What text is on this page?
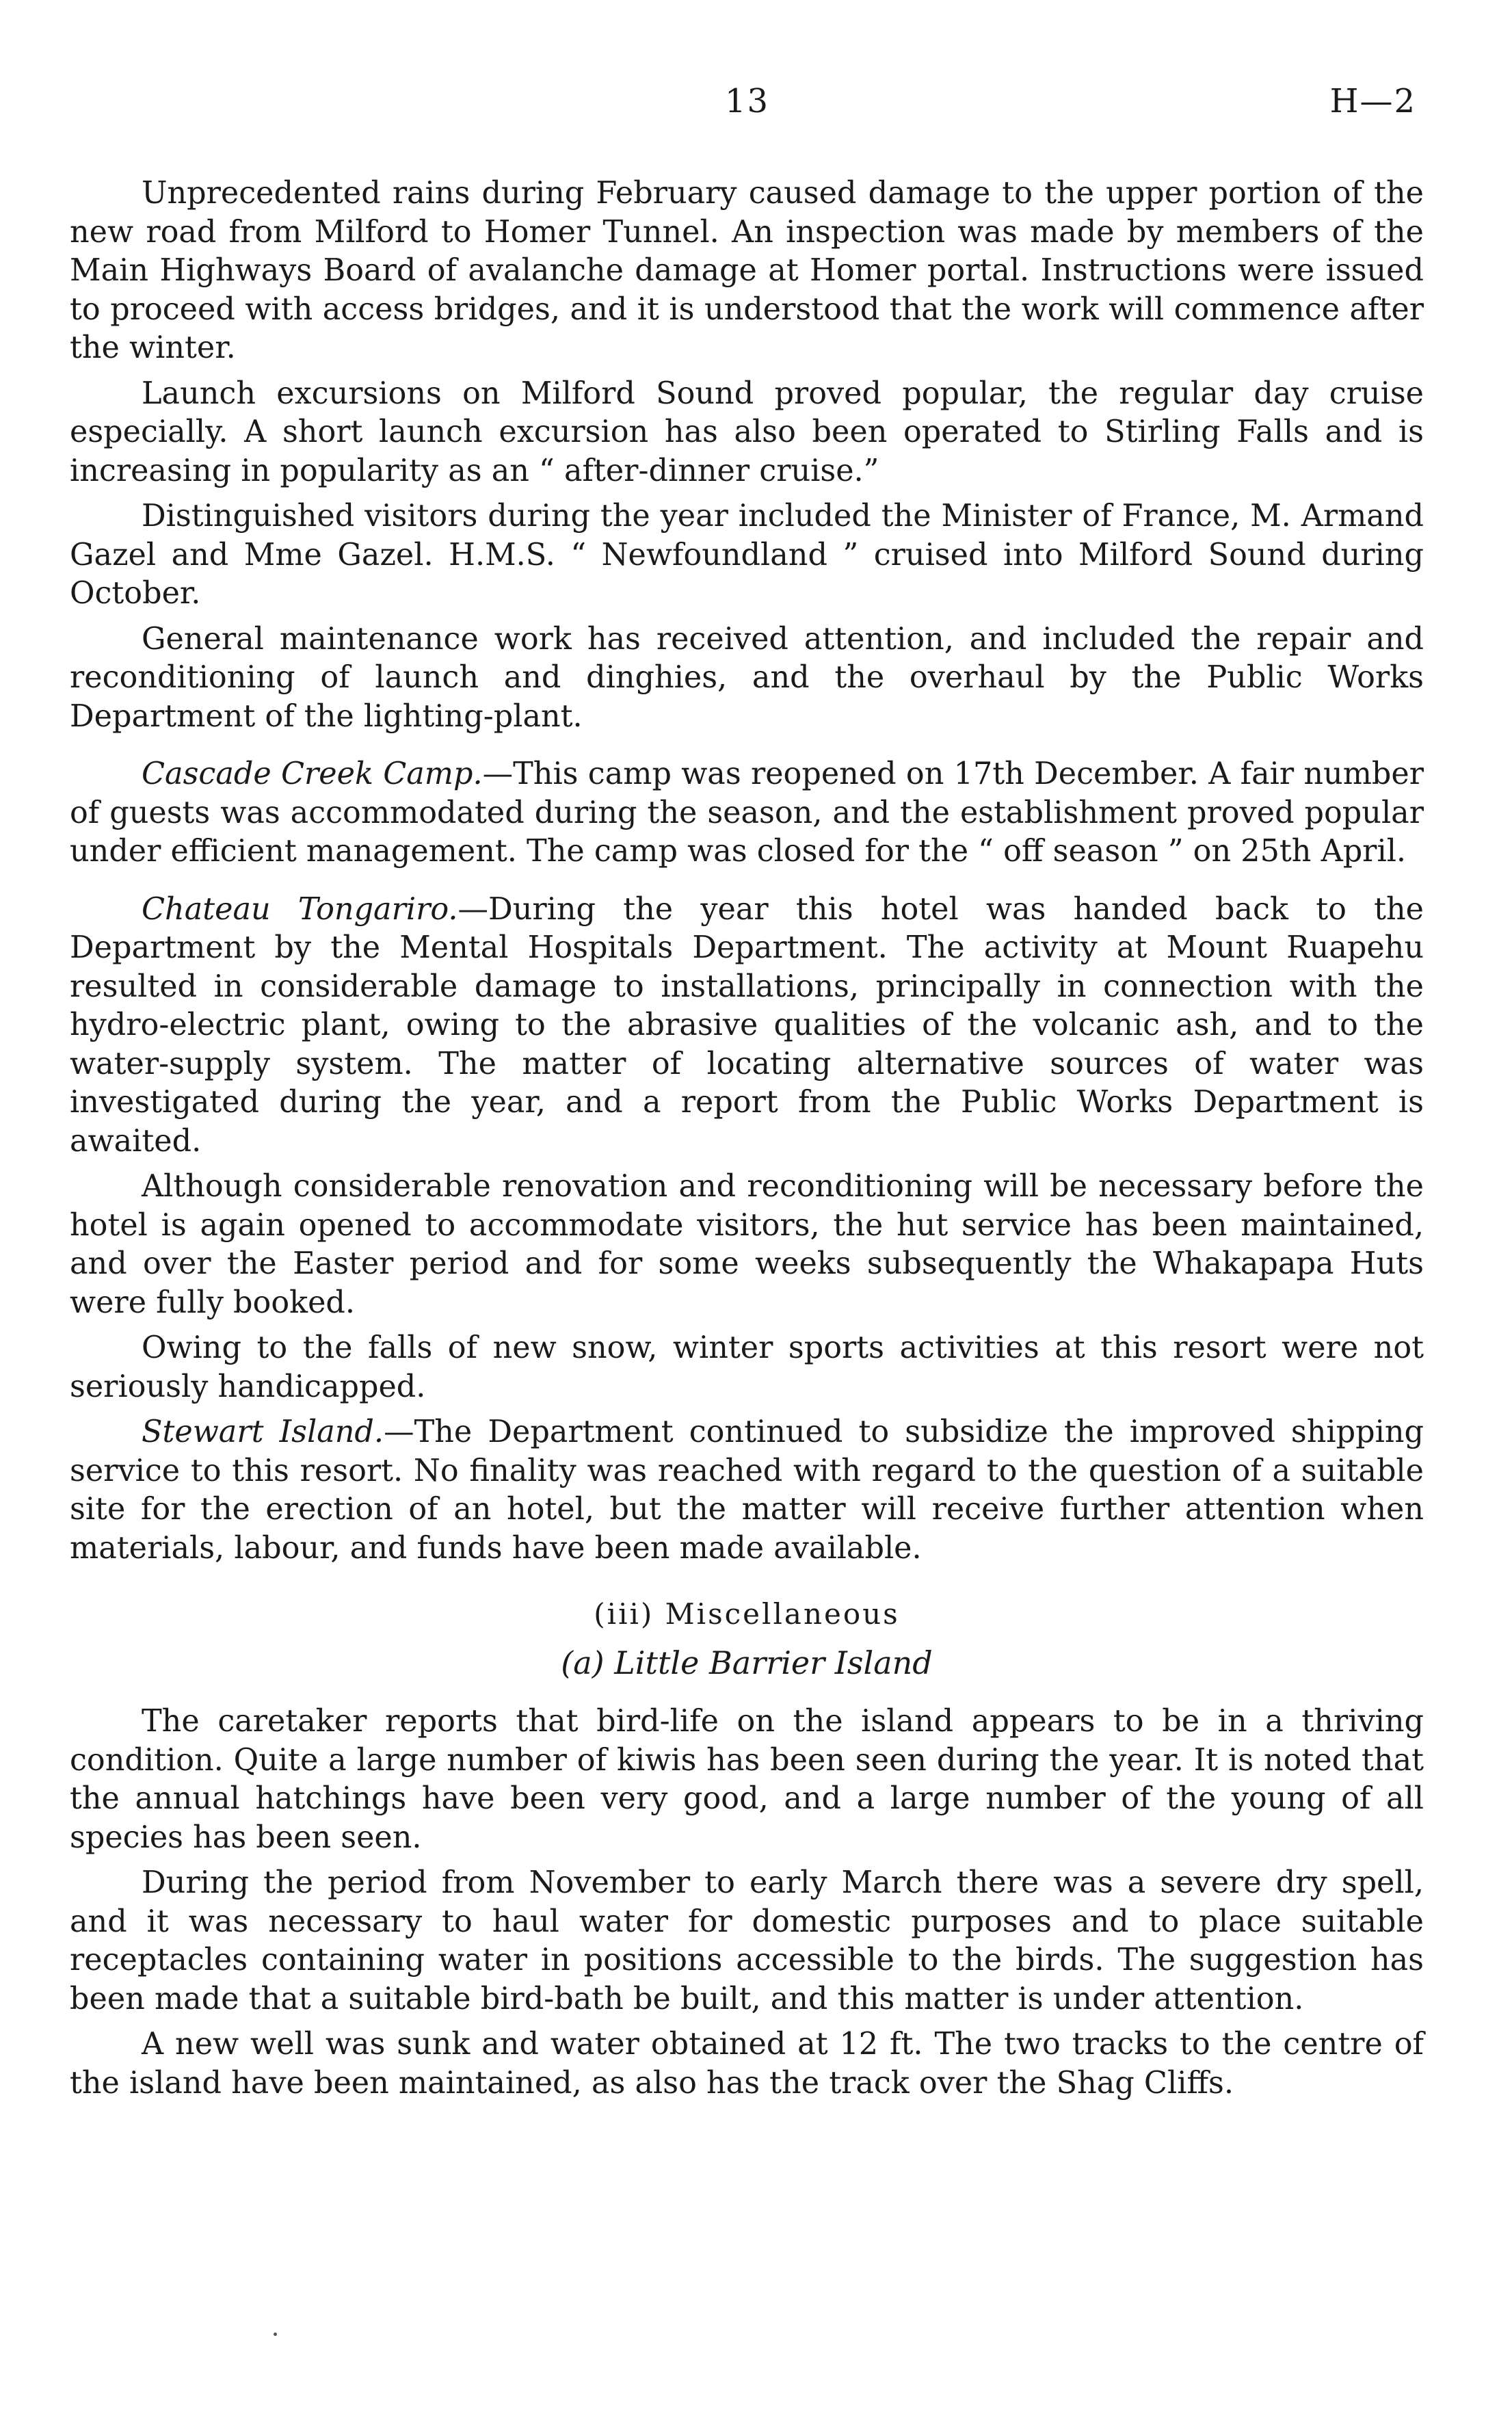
13	H—2

Unprecedented rains during February caused damage to the upper portion of the new road from Milford to Homer Tunnel. An inspection was made by members of the Main Highways Board of avalanche damage at Homer portal. Instructions were issued to proceed with access bridges, and it is understood that the work will commence after the winter.

Launch excursions on Milford Sound proved popular, the regular day cruise especially. A short launch excursion has also been operated to Stirling Falls and is increasing in popularity as an “ after-dinner cruise.”

Distinguished visitors during the year included the Minister of France, M. Armand Gazel and Mme Gazel. H.M.S. “ Newfoundland ” cruised into Milford Sound during October.

General maintenance work has received attention, and included the repair and reconditioning of launch and dinghies, and the overhaul by the Public Works Department of the lighting-plant.

Cascade Creek Camp.—This camp was reopened on 17th December. A fair number of guests was accommodated during the season, and the establishment proved popular under efficient management. The camp was closed for the “ off season ” on 25th April.

Chateau Tongariro.—During the year this hotel was handed back to the Department by the Mental Hospitals Department. The activity at Mount Ruapehu resulted in considerable damage to installations, principally in connection with the hydro-electric plant, owing to the abrasive qualities of the volcanic ash, and to the water-supply system. The matter of locating alternative sources of water was investigated during the year, and a report from the Public Works Department is awaited.

Although considerable renovation and reconditioning will be necessary before the hotel is again opened to accommodate visitors, the hut service has been maintained, and over the Easter period and for some weeks subsequently the Whakapapa Huts were fully booked.

Owing to the falls of new snow, winter sports activities at this resort were not seriously handicapped.

Stewart Island.—The Department continued to subsidize the improved shipping service to this resort. No finality was reached with regard to the question of a suitable site for the erection of an hotel, but the matter will receive further attention when materials, labour, and funds have been made available.

(iii) Miscellaneous

(a) Little Barrier Island

The caretaker reports that bird-life on the island appears to be in a thriving condition. Quite a large number of kiwis has been seen during the year. It is noted that the annual hatchings have been very good, and a large number of the young of all species has been seen.

During the period from November to early March there was a severe dry spell, and it was necessary to haul water for domestic purposes and to place suitable receptacles containing water in positions accessible to the birds. The suggestion has been made that a suitable bird-bath be built, and this matter is under attention.

A new well was sunk and water obtained at 12 ft. The two tracks to the centre of the island have been maintained, as also has the track over the Shag Cliffs.
